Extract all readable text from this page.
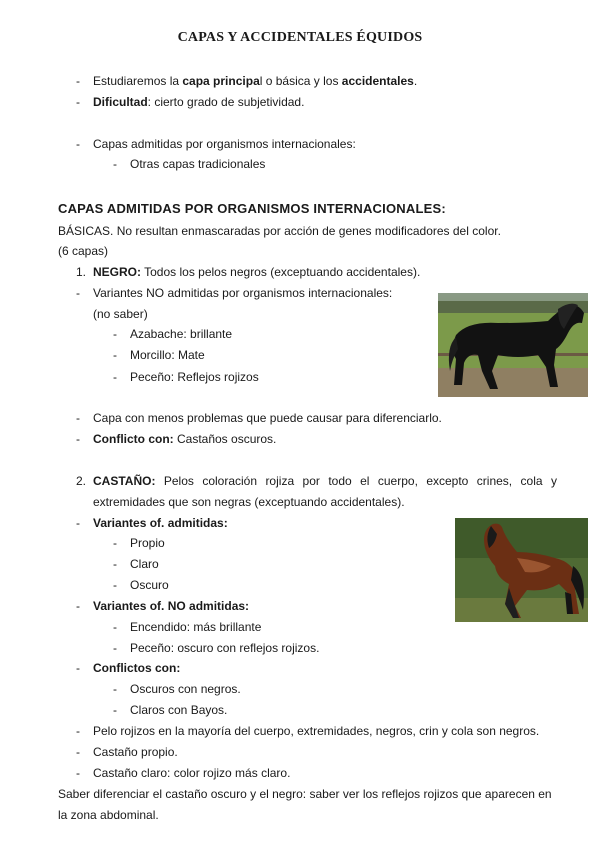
CAPAS Y ACCIDENTALES ÉQUIDOS
- Estudiaremos la capa principal o básica y los accidentales.
- Dificultad: cierto grado de subjetividad.
- Capas admitidas por organismos internacionales:
- Otras capas tradicionales
CAPAS ADMITIDAS POR ORGANISMOS INTERNACIONALES:
BÁSICAS. No resultan enmascaradas por acción de genes modificadores del color.
(6 capas)
1. NEGRO: Todos los pelos negros (exceptuando accidentales).
- Variantes NO admitidas por organismos internacionales:
(no saber)
- Azabache: brillante
- Morcillo: Mate
- Peceño: Reflejos rojizos
- Capa con menos problemas que puede causar para diferenciarlo.
- Conflicto con: Castaños oscuros.
2. CASTAÑO: Pelos coloración rojiza por todo el cuerpo, excepto crines, cola y extremidades que son negras (exceptuando accidentales).
- Variantes of. admitidas:
- Propio
- Claro
- Oscuro
- Variantes of. NO admitidas:
- Encendido: más brillante
- Peceño: oscuro con reflejos rojizos.
- Conflictos con:
- Oscuros con negros.
- Claros con Bayos.
- Pelo rojizos en la mayoría del cuerpo, extremidades, negros, crin y cola son negros.
- Castaño propio.
- Castaño claro: color rojizo más claro.
Saber diferenciar el castaño oscuro y el negro: saber ver los reflejos rojizos que aparecen en
la zona abdominal.
